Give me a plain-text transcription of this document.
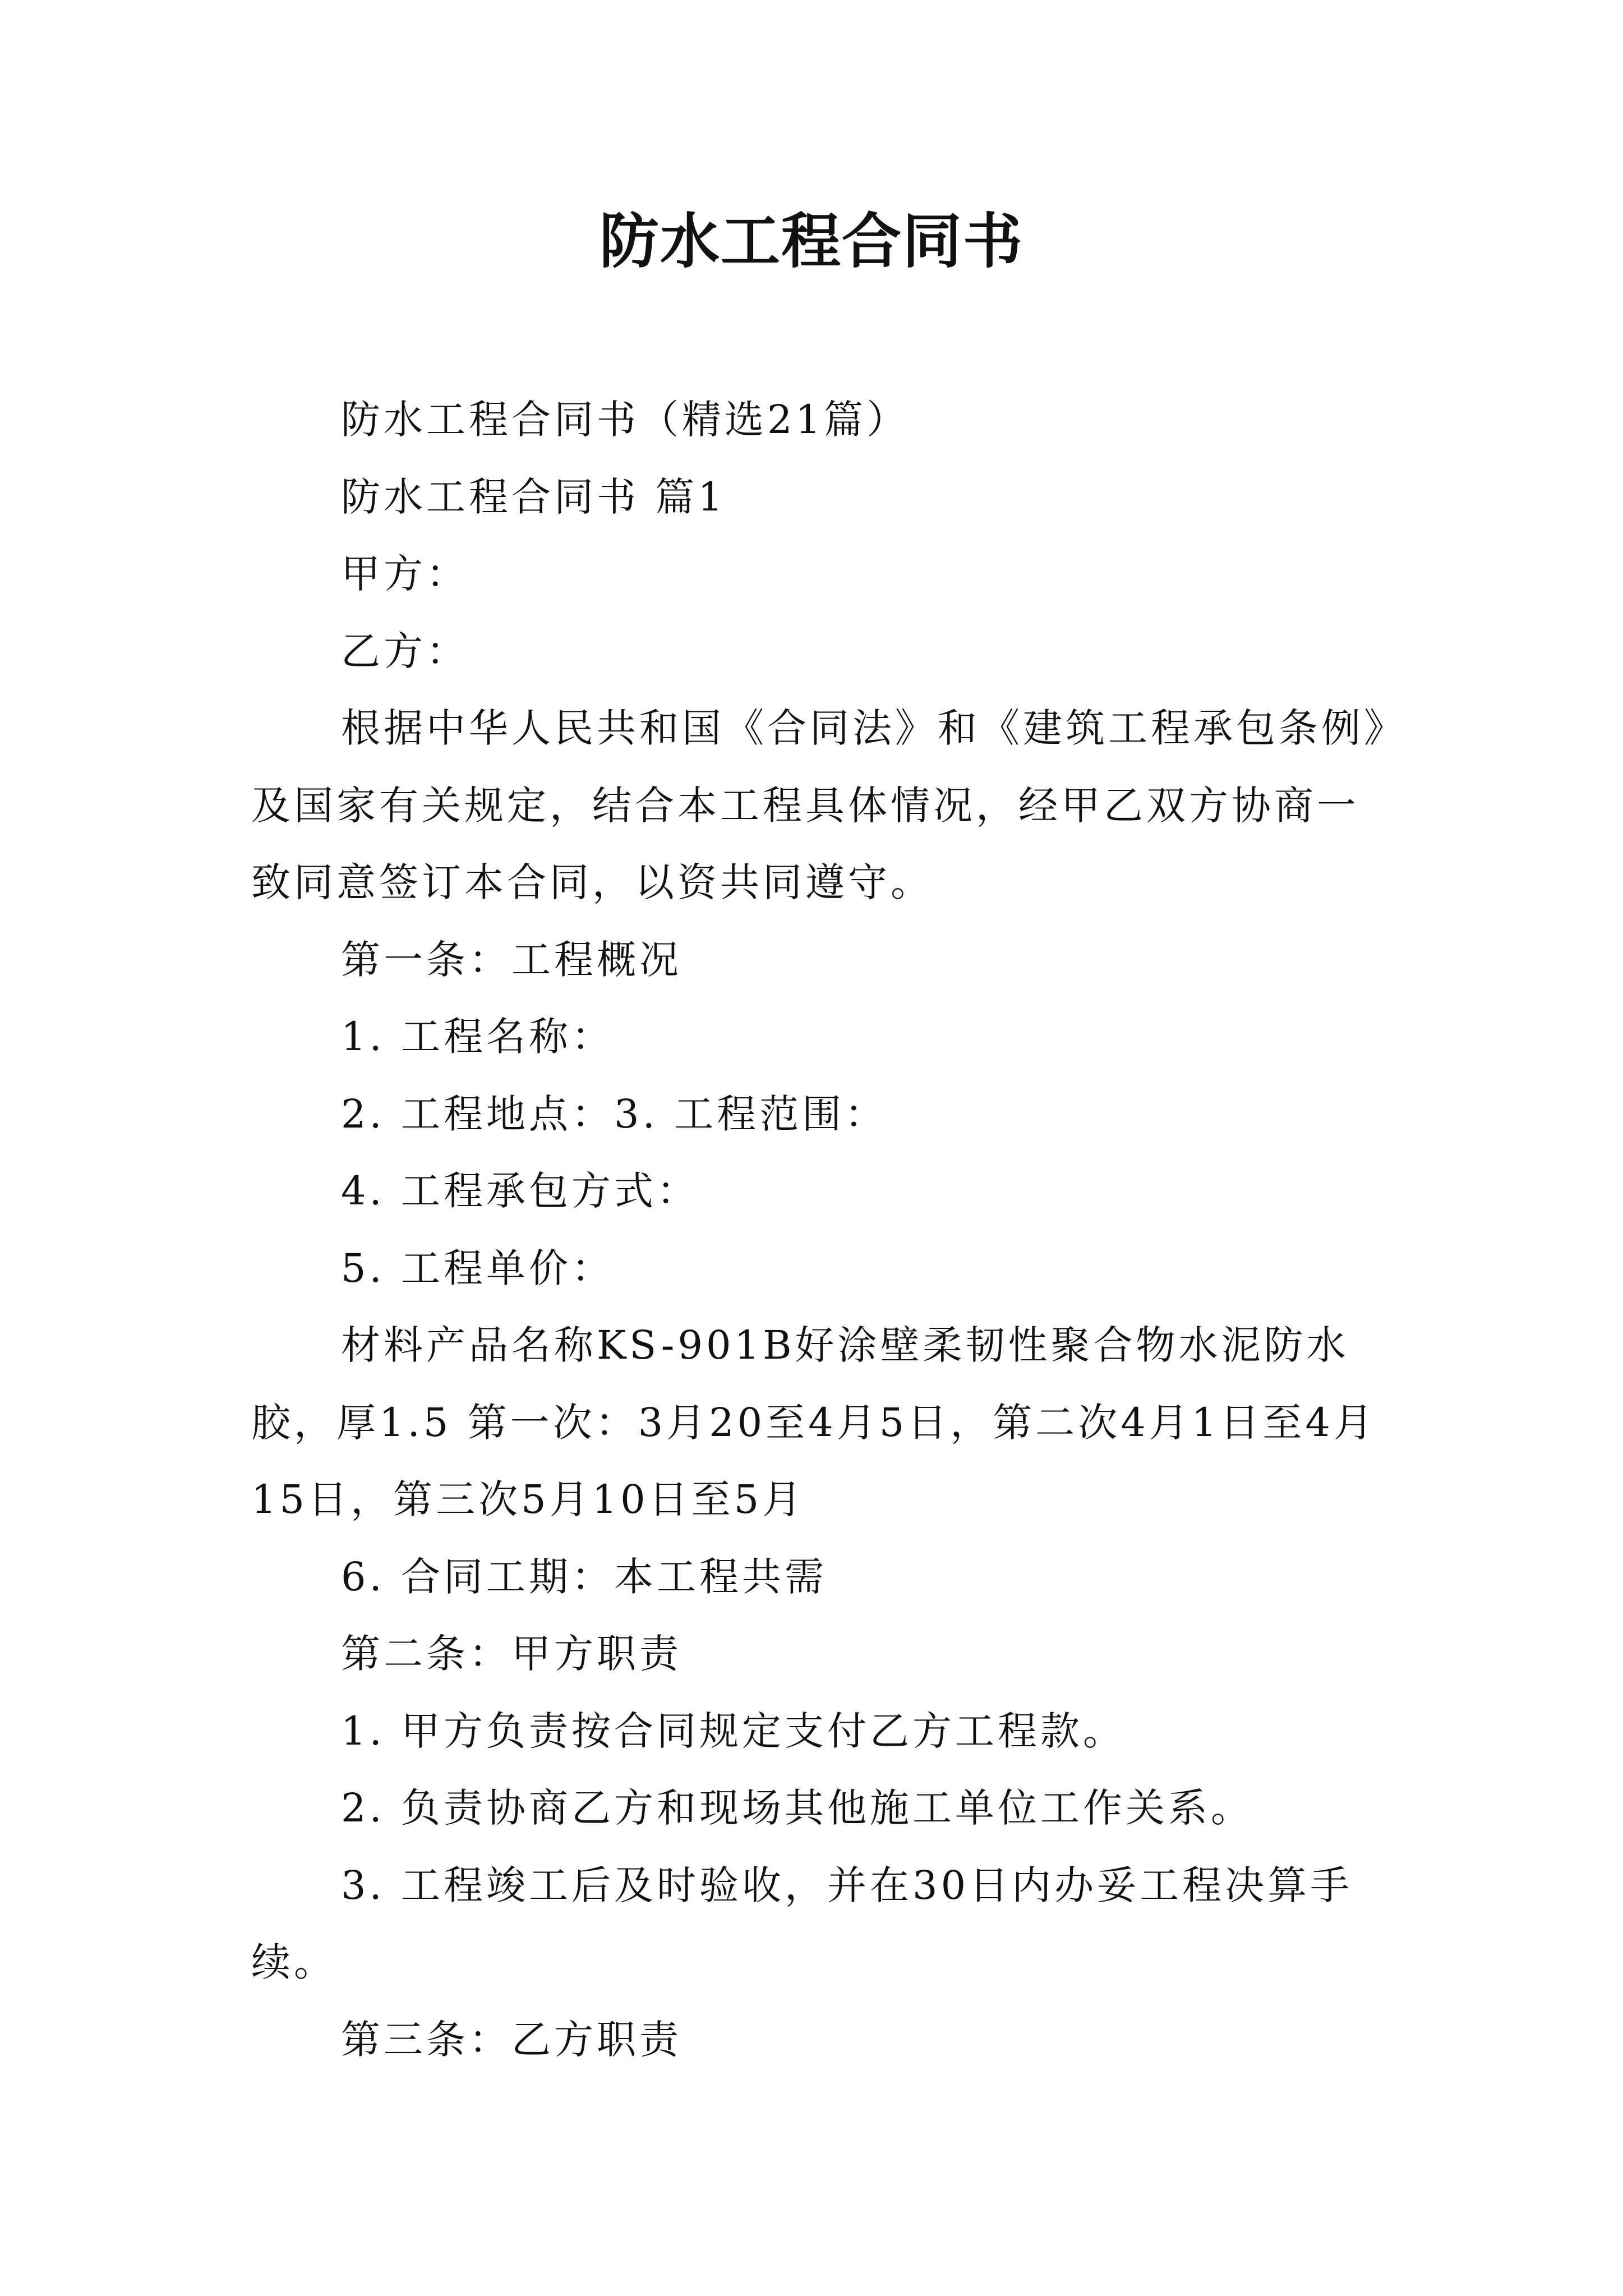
防水工程合同书

防水工程合同书（精选21篇）

防水工程合同书 篇1

甲方：

乙方：

根据中华人民共和国《合同法》和《建筑工程承包条例》及国家有关规定，结合本工程具体情况，经甲乙双方协商一致同意签订本合同，以资共同遵守。

第一条：工程概况

1. 工程名称：

2. 工程地点：3. 工程范围：

4. 工程承包方式：

5. 工程单价：

材料产品名称KS-901B好涂壁柔韧性聚合物水泥防水胶，厚1.5 第一次：3月20至4月5日，第二次4月1日至4月15日，第三次5月10日至5月

6. 合同工期：本工程共需

第二条：甲方职责

1. 甲方负责按合同规定支付乙方工程款。

2. 负责协商乙方和现场其他施工单位工作关系。

3. 工程竣工后及时验收，并在30日内办妥工程决算手续。

第三条：乙方职责
